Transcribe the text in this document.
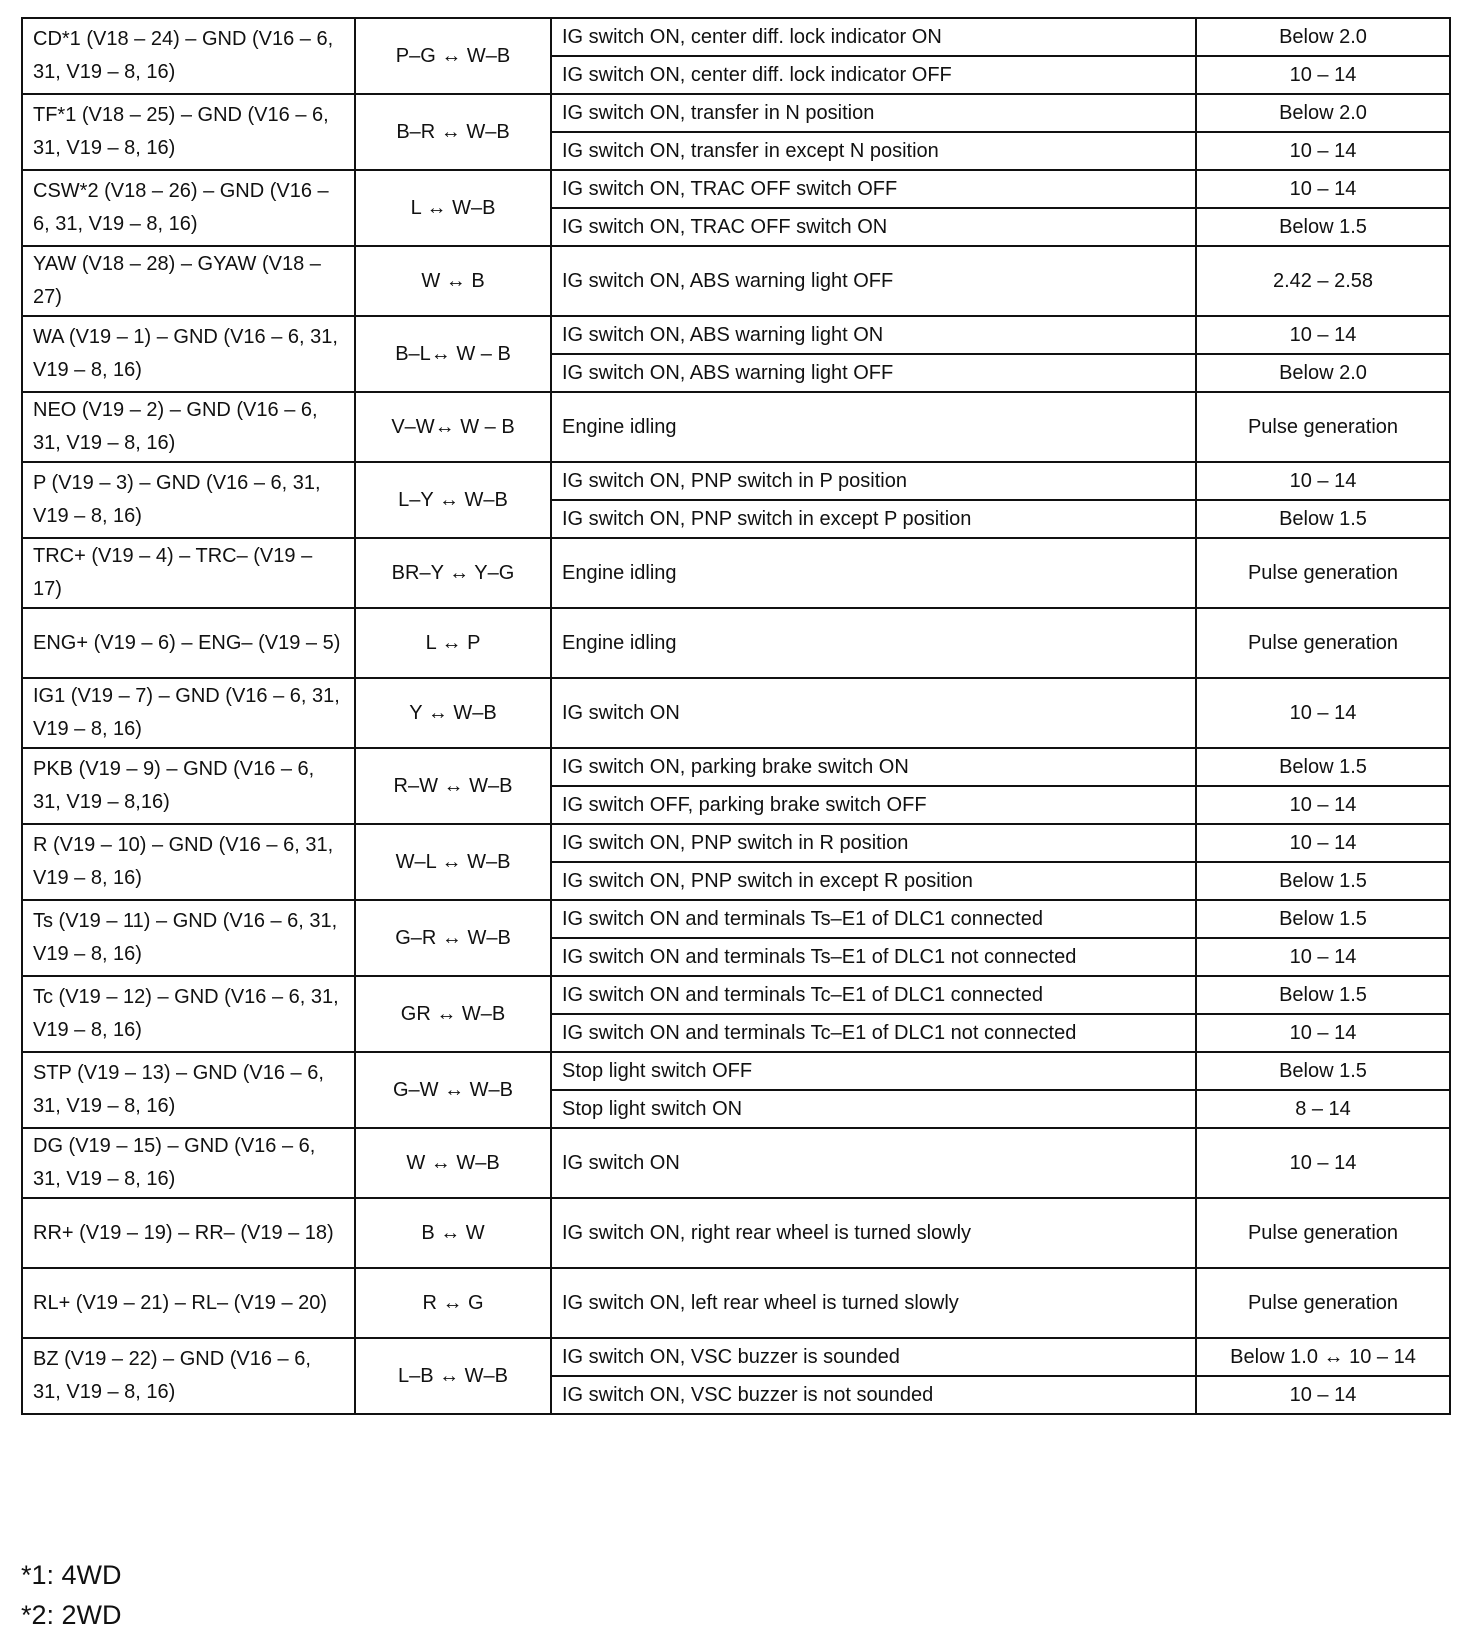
CD*1 (V18 – 24) – GND (V16 – 6, 31, V19 – 8, 16)	P–G ↔ W–B	IG switch ON, center diff. lock indicator ON	Below 2.0
		IG switch ON, center diff. lock indicator OFF	10 – 14
TF*1 (V18 – 25) – GND (V16 – 6, 31, V19 – 8, 16)	B–R ↔ W–B	IG switch ON, transfer in N position	Below 2.0
		IG switch ON, transfer in except N position	10 – 14
CSW*2 (V18 – 26) – GND (V16 – 6, 31, V19 – 8, 16)	L ↔ W–B	IG switch ON, TRAC OFF switch OFF	10 – 14
		IG switch ON, TRAC OFF switch ON	Below 1.5
YAW (V18 – 28) – GYAW (V18 – 27)	W ↔ B	IG switch ON, ABS warning light OFF	2.42 – 2.58
WA (V19 – 1) – GND (V16 – 6, 31, V19 – 8, 16)	B–L↔ W – B	IG switch ON, ABS warning light ON	10 – 14
		IG switch ON, ABS warning light OFF	Below 2.0
NEO (V19 – 2) – GND (V16 – 6, 31, V19 – 8, 16)	V–W↔ W – B	Engine idling	Pulse generation
P (V19 – 3) – GND (V16 – 6, 31, V19 – 8, 16)	L–Y ↔ W–B	IG switch ON, PNP switch in P position	10 – 14
		IG switch ON, PNP switch in except P position	Below 1.5
TRC+ (V19 – 4) – TRC– (V19 – 17)	BR–Y ↔ Y–G	Engine idling	Pulse generation
ENG+ (V19 – 6) – ENG– (V19 – 5)	L ↔ P	Engine idling	Pulse generation
IG1 (V19 – 7) – GND (V16 – 6, 31, V19 – 8, 16)	Y ↔ W–B	IG switch ON	10 – 14
PKB (V19 – 9) – GND (V16 – 6, 31, V19 – 8,16)	R–W ↔ W–B	IG switch ON, parking brake switch ON	Below 1.5
		IG switch OFF, parking brake switch OFF	10 – 14
R (V19 – 10) – GND (V16 – 6, 31, V19 – 8, 16)	W–L ↔ W–B	IG switch ON, PNP switch in R position	10 – 14
		IG switch ON, PNP switch in except R position	Below 1.5
Ts (V19 – 11) – GND (V16 – 6, 31, V19 – 8, 16)	G–R ↔ W–B	IG switch ON and terminals Ts–E1 of DLC1 connected	Below 1.5
		IG switch ON and terminals Ts–E1 of DLC1 not connected	10 – 14
Tc (V19 – 12) – GND (V16 – 6, 31, V19 – 8, 16)	GR ↔ W–B	IG switch ON and terminals Tc–E1 of DLC1 connected	Below 1.5
		IG switch ON and terminals Tc–E1 of DLC1 not connected	10 – 14
STP (V19 – 13) – GND (V16 – 6, 31, V19 – 8, 16)	G–W ↔ W–B	Stop light switch OFF	Below 1.5
		Stop light switch ON	8 – 14
DG (V19 – 15) – GND (V16 – 6, 31, V19 – 8, 16)	W ↔ W–B	IG switch ON	10 – 14
RR+ (V19 – 19) – RR– (V19 – 18)	B ↔ W	IG switch ON, right rear wheel is turned slowly	Pulse generation
RL+ (V19 – 21) – RL– (V19 – 20)	R ↔ G	IG switch ON, left rear wheel is turned slowly	Pulse generation
BZ (V19 – 22) – GND (V16 – 6, 31, V19 – 8, 16)	L–B ↔ W–B	IG switch ON, VSC buzzer is sounded	Below 1.0 ↔ 10 – 14
		IG switch ON, VSC buzzer is not sounded	10 – 14
*1: 4WD
*2: 2WD
